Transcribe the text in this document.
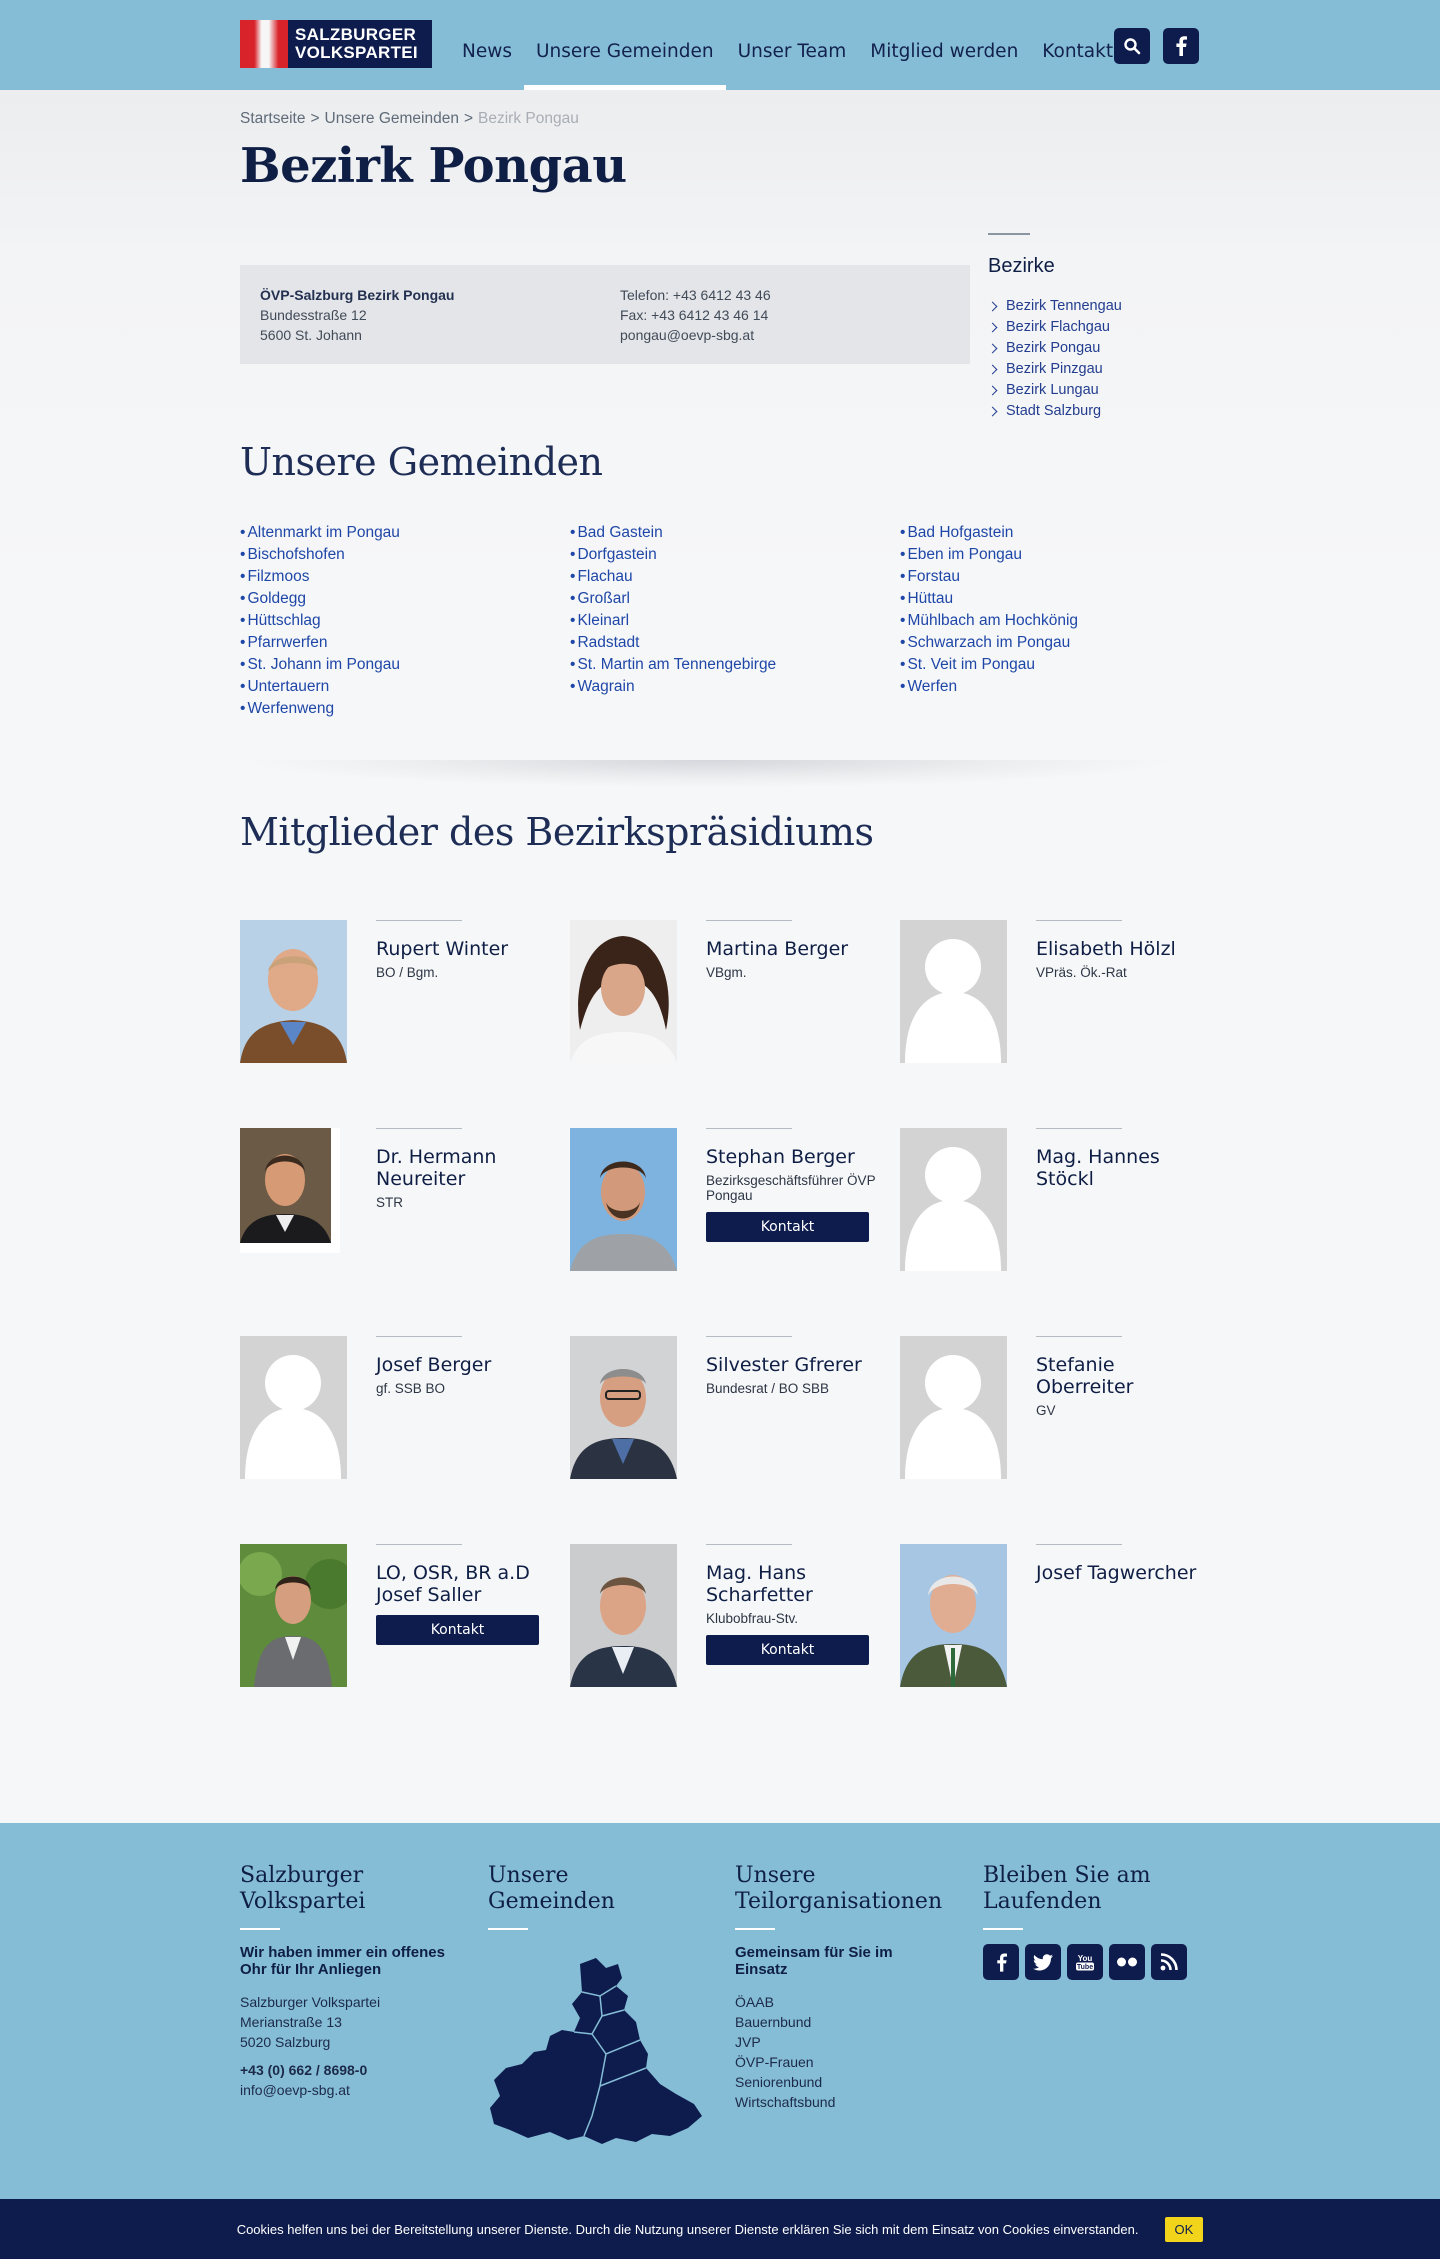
SALZBURGER
VOLKSPARTEI	News	Unsere Gemeinden	Unser Team	Mitglied werden	Kontakt
Startseite > Unsere Gemeinden > Bezirk Pongau
Bezirk Pongau
ÖVP-Salzburg Bezirk Pongau
Bundesstraße 12
5600 St. Johann
Telefon: +43 6412 43 46
Fax: +43 6412 43 46 14
pongau@oevp-sbg.at
Bezirke
Bezirk Tennengau
Bezirk Flachgau
Bezirk Pongau
Bezirk Pinzgau
Bezirk Lungau
Stadt Salzburg
Unsere Gemeinden
• Altenmarkt im Pongau
• Bischofshofen
• Filzmoos
• Goldegg
• Hüttschlag
• Pfarrwerfen
• St. Johann im Pongau
• Untertauern
• Werfenweng
• Bad Gastein
• Dorfgastein
• Flachau
• Großarl
• Kleinarl
• Radstadt
• St. Martin am Tennengebirge
• Wagrain
• Bad Hofgastein
• Eben im Pongau
• Forstau
• Hüttau
• Mühlbach am Hochkönig
• Schwarzach im Pongau
• St. Veit im Pongau
• Werfen
Mitglieder des Bezirkspräsidiums
Rupert Winter
BO / Bgm.
Martina Berger
VBgm.
Elisabeth Hölzl
VPräs. Ök.-Rat
Dr. Hermann Neureiter
STR
Stephan Berger
Bezirksgeschäftsführer ÖVP Pongau
Kontakt
Mag. Hannes Stöckl
Josef Berger
gf. SSB BO
Silvester Gfrerer
Bundesrat / BO SBB
Stefanie Oberreiter
GV
LO, OSR, BR a.D Josef Saller
Kontakt
Mag. Hans Scharfetter
Klubobfrau-Stv.
Kontakt
Josef Tagwercher
Salzburger Volkspartei
Wir haben immer ein offenes Ohr für Ihr Anliegen
Salzburger Volkspartei
Merianstraße 13
5020 Salzburg
+43 (0) 662 / 8698-0
info@oevp-sbg.at
Unsere Gemeinden
Unsere Teilorganisationen
Gemeinsam für Sie im Einsatz
ÖAAB
Bauernbund
JVP
ÖVP-Frauen
Seniorenbund
Wirtschaftsbund
Bleiben Sie am Laufenden
You
Tube
Cookies helfen uns bei der Bereitstellung unserer Dienste. Durch die Nutzung unserer Dienste erklären Sie sich mit dem Einsatz von Cookies einverstanden.	OK
